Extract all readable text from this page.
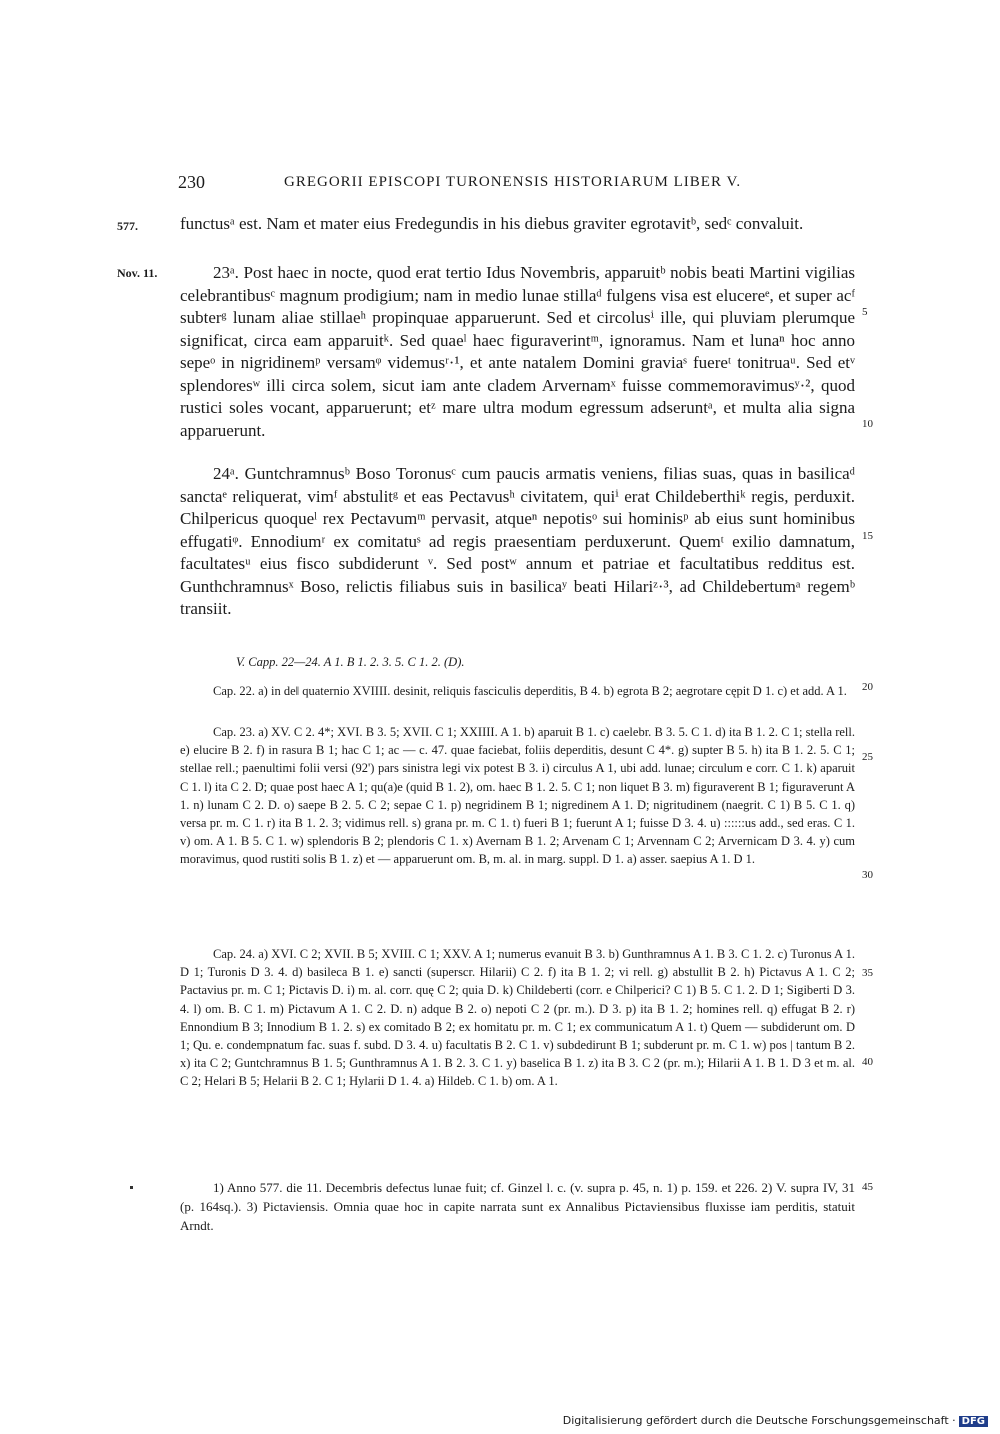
230	GREGORII EPISCOPI TURONENSIS HISTORIARUM LIBER V.
577.
Nov. 11.

functusᵃ est. Nam et mater eius Fredegundis in his diebus graviter egrotavitᵇ, sedᶜ convaluit.

23ᵃ. Post haec in nocte, quod erat tertio Idus Novembris, apparuitᵇ nobis beati Martini vigilias celebrantibusᶜ magnum prodigium; nam in medio lunae stillaᵈ fulgens visa est elucereᵉ, et super acᶠ subterᵍ lunam aliae stillaeʰ propinquae apparuerunt. Sed et circolusⁱ ille, qui pluviam plerumque significat, circa eam apparuitᵏ. Sed quaeˡ haec figuraverintᵐ, ignoramus. Nam et lunaⁿ hoc anno sepeᵒ in nigridinemᵖ versamᵠ videmusʳ·¹, et ante natalem Domini graviaˢ fuereᵗ tonitruaᵘ. Sed etᵛ splendoresʷ illi circa solem, sicut iam ante cladem Arvernamˣ fuisse commemoravimusʸ·², quod rustici soles vocant, apparuerunt; etᶻ mare ultra modum egressum adseruntᵃ, et multa alia signa apparuerunt.

24ᵃ. Guntchramnusᵇ Boso Toronusᶜ cum paucis armatis veniens, filias suas, quas in basilicaᵈ sanctaᵉ reliquerat, vimᶠ abstulitᵍ et eas Pectavusʰ civitatem, quiⁱ erat Childeberthiᵏ regis, perduxit. Chilpericus quoqueˡ rex Pectavumᵐ pervasit, atqueⁿ nepotisᵒ sui hominisᵖ ab eius sunt hominibus effugatiᵠ. Ennodiumʳ ex comitatuˢ ad regis praesentiam perduxerunt. Quemᵗ exilio damnatum, facultatesᵘ eius fisco subdiderunt ᵛ. Sed postʷ annum et patriae et facultatibus redditus est. Gunthchramnusˣ Boso, relictis filiabus suis in basilicaʸ beati Hilariᶻ·³, ad Childebertumᵃ regemᵇ transiit.

V. Capp. 22—24. A 1. B 1. 2. 3. 5. C 1. 2. (D).

Cap. 22. a) in de‖ quaternio XVIIII. desinit, reliquis fasciculis deperditis, B 4. b) egrota B 2; aegrotare cępit D 1. c) et add. A 1.

Cap. 23. a) XV. C 2. 4*; XVI. B 3. 5; XVII. C 1; XXIIII. A 1. b) aparuit B 1. c) caelebr. B 3. 5. C 1. d) ita B 1. 2. C 1; stella rell. e) elucire B 2. f) in rasura B 1; hac C 1; ac — c. 47. quae faciebat, foliis deperditis, desunt C 4*. g) supter B 5. h) ita B 1. 2. 5. C 1; stellae rell.; paenultimi folii versi (92') pars sinistra legi vix potest B 3. i) circulus A 1, ubi add. lunae; circulum e corr. C 1. k) aparuit C 1. l) ita C 2. D; quae post haec A 1; qu(a)e (quid B 1. 2), om. haec B 1. 2. 5. C 1; non liquet B 3. m) figuraverent B 1; figuraverunt A 1. n) lunam C 2. D. o) saepe B 2. 5. C 2; sepae C 1. p) negridinem B 1; nigredinem A 1. D; nigritudinem (naegrit. C 1) B 5. C 1. q) versa pr. m. C 1. r) ita B 1. 2. 3; vidimus rell. s) grana pr. m. C 1. t) fueri B 1; fuerunt A 1; fuisse D 3. 4. u) ::::::us add., sed eras. C 1. v) om. A 1. B 5. C 1. w) splendoris B 2; plendoris C 1. x) Avernam B 1. 2; Arvenam C 1; Arvennam C 2; Arvernicam D 3. 4. y) cum moravimus, quod rustiti solis B 1. z) et — apparuerunt om. B, m. al. in marg. suppl. D 1. a) asser. saepius A 1. D 1.

Cap. 24. a) XVI. C 2; XVII. B 5; XVIII. C 1; XXV. A 1; numerus evanuit B 3. b) Gunthramnus A 1. B 3. C 1. 2. c) Turonus A 1. D 1; Turonis D 3. 4. d) basileca B 1. e) sancti (superscr. Hilarii) C 2. f) ita B 1. 2; vi rell. g) abstullit B 2. h) Pictavus A 1. C 2; Pactavius pr. m. C 1; Pictavis D. i) m. al. corr. quę C 2; quia D. k) Childeberti (corr. e Chilperici? C 1) B 5. C 1. 2. D 1; Sigiberti D 3. 4. l) om. B. C 1. m) Pictavum A 1. C 2. D. n) adque B 2. o) nepoti C 2 (pr. m.). D 3. p) ita B 1. 2; homines rell. q) effugat B 2. r) Ennondium B 3; Innodium B 1. 2. s) ex comitado B 2; ex homitatu pr. m. C 1; ex communicatum A 1. t) Quem — subdiderunt om. D 1; Qu. e. condempnatum fac. suas f. subd. D 3. 4. u) facultatis B 2. C 1. v) subdedirunt B 1; subderunt pr. m. C 1. w) pos | tantum B 2. x) ita C 2; Guntchramnus B 1. 5; Gunthramnus A 1. B 2. 3. C 1. y) baselica B 1. z) ita B 3. C 2 (pr. m.); Hilarii A 1. B 1. D 3 et m. al. C 2; Helari B 5; Helarii B 2. C 1; Hylarii D 1. 4. a) Hildeb. C 1. b) om. A 1.

1) Anno 577. die 11. Decembris defectus lunae fuit; cf. Ginzel l. c. (v. supra p. 45, n. 1) p. 159. et 226. 2) V. supra IV, 31 (p. 164sq.). 3) Pictaviensis. Omnia quae hoc in capite narrata sunt ex Annalibus Pictaviensibus fluxisse iam perditis, statuit Arndt.

5
10
15
20
25
30
35
40
45
Digitalisierung gefördert durch die Deutsche Forschungsgemeinschaft · DFG
